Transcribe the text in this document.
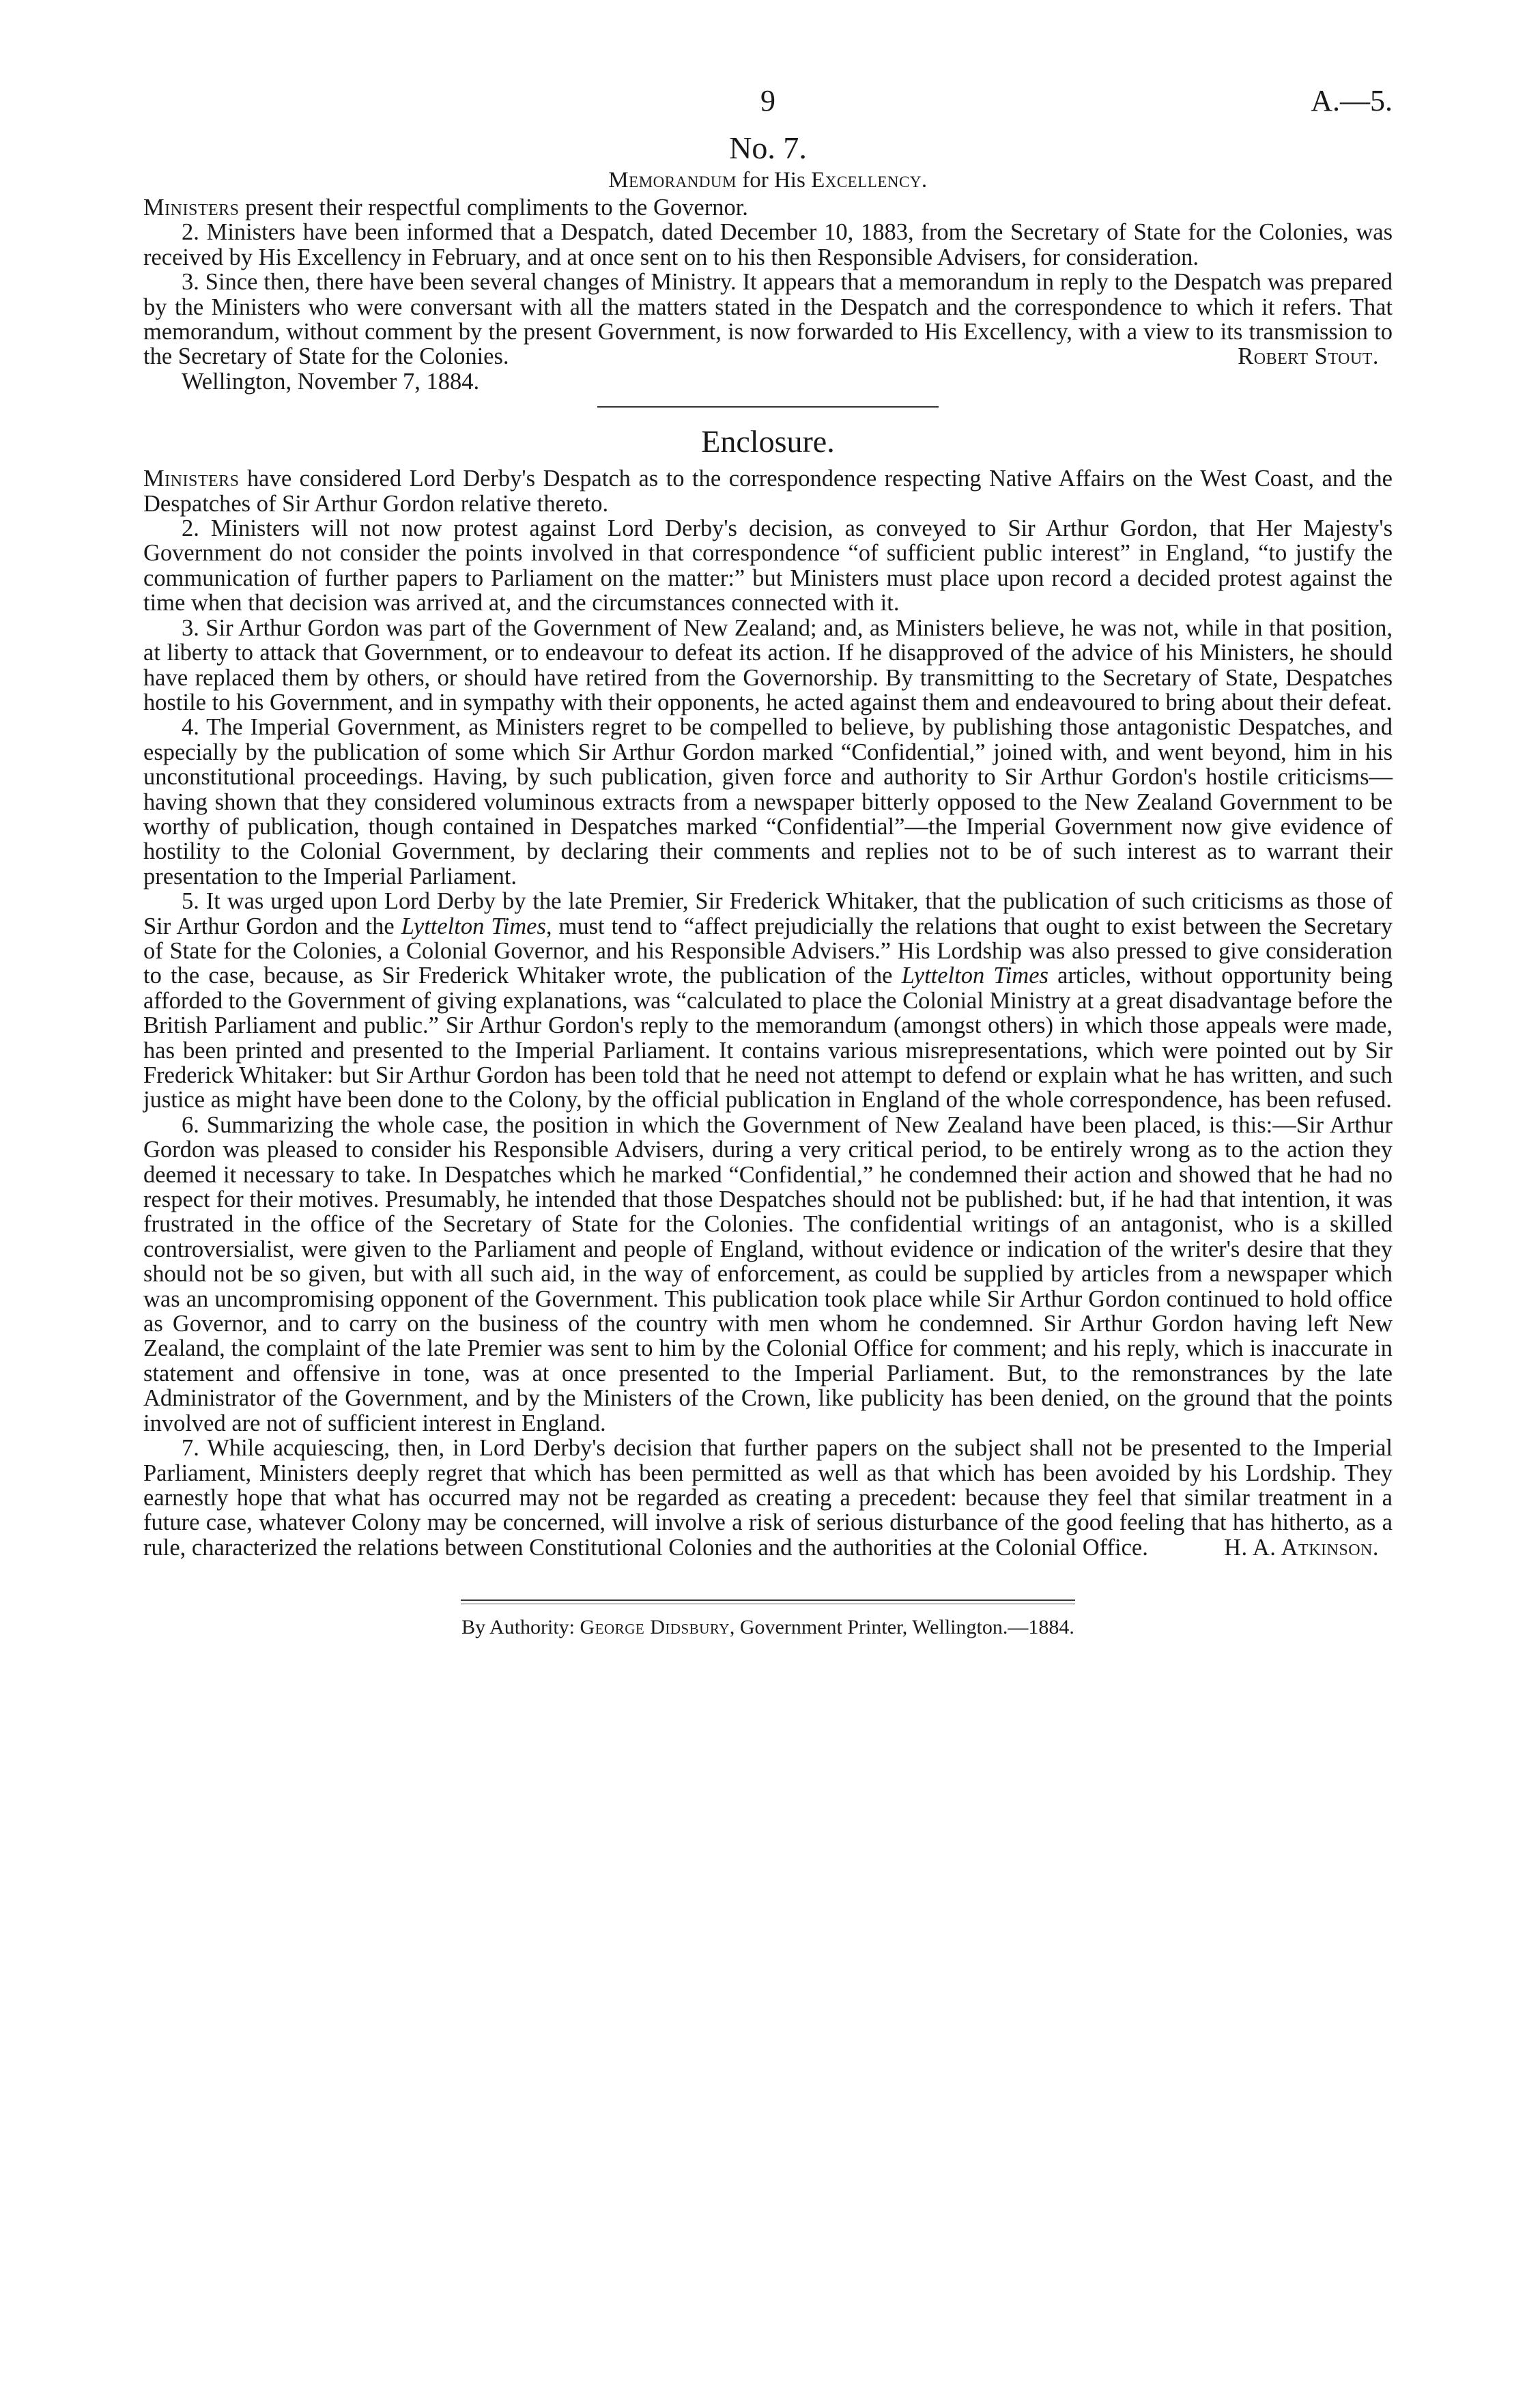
9	A.—5.
No. 7.
Memorandum for His Excellency.

Ministers present their respectful compliments to the Governor.

2. Ministers have been informed that a Despatch, dated December 10, 1883, from the Secretary of State for the Colonies, was received by His Excellency in February, and at once sent on to his then Responsible Advisers, for consideration.

3. Since then, there have been several changes of Ministry. It appears that a memorandum in reply to the Despatch was prepared by the Ministers who were conversant with all the matters stated in the Despatch and the correspondence to which it refers. That memorandum, without comment by the present Government, is now forwarded to His Excellency, with a view to its transmission to the Secretary of State for the Colonies.	Robert Stout.

Wellington, November 7, 1884.

Enclosure.

Ministers have considered Lord Derby's Despatch as to the correspondence respecting Native Affairs on the West Coast, and the Despatches of Sir Arthur Gordon relative thereto.

2. Ministers will not now protest against Lord Derby's decision, as conveyed to Sir Arthur Gordon, that Her Majesty's Government do not consider the points involved in that correspondence “of sufficient public interest” in England, “to justify the communication of further papers to Parliament on the matter:” but Ministers must place upon record a decided protest against the time when that decision was arrived at, and the circumstances connected with it.

3. Sir Arthur Gordon was part of the Government of New Zealand; and, as Ministers believe, he was not, while in that position, at liberty to attack that Government, or to endeavour to defeat its action. If he disapproved of the advice of his Ministers, he should have replaced them by others, or should have retired from the Governorship. By transmitting to the Secretary of State, Despatches hostile to his Government, and in sympathy with their opponents, he acted against them and endeavoured to bring about their defeat.

4. The Imperial Government, as Ministers regret to be compelled to believe, by publishing those antagonistic Despatches, and especially by the publication of some which Sir Arthur Gordon marked “Confidential,” joined with, and went beyond, him in his unconstitutional proceedings. Having, by such publication, given force and authority to Sir Arthur Gordon's hostile criticisms—having shown that they considered voluminous extracts from a newspaper bitterly opposed to the New Zealand Government to be worthy of publication, though contained in Despatches marked “Confidential”—the Imperial Government now give evidence of hostility to the Colonial Government, by declaring their comments and replies not to be of such interest as to warrant their presentation to the Imperial Parliament.

5. It was urged upon Lord Derby by the late Premier, Sir Frederick Whitaker, that the publication of such criticisms as those of Sir Arthur Gordon and the Lyttelton Times, must tend to “affect prejudicially the relations that ought to exist between the Secretary of State for the Colonies, a Colonial Governor, and his Responsible Advisers.” His Lordship was also pressed to give consideration to the case, because, as Sir Frederick Whitaker wrote, the publication of the Lyttelton Times articles, without opportunity being afforded to the Government of giving explanations, was “calculated to place the Colonial Ministry at a great disadvantage before the British Parliament and public.” Sir Arthur Gordon's reply to the memorandum (amongst others) in which those appeals were made, has been printed and presented to the Imperial Parliament. It contains various misrepresentations, which were pointed out by Sir Frederick Whitaker: but Sir Arthur Gordon has been told that he need not attempt to defend or explain what he has written, and such justice as might have been done to the Colony, by the official publication in England of the whole correspondence, has been refused.

6. Summarizing the whole case, the position in which the Government of New Zealand have been placed, is this:—Sir Arthur Gordon was pleased to consider his Responsible Advisers, during a very critical period, to be entirely wrong as to the action they deemed it necessary to take. In Despatches which he marked “Confidential,” he condemned their action and showed that he had no respect for their motives. Presumably, he intended that those Despatches should not be published: but, if he had that intention, it was frustrated in the office of the Secretary of State for the Colonies. The confidential writings of an antagonist, who is a skilled controversialist, were given to the Parliament and people of England, without evidence or indication of the writer's desire that they should not be so given, but with all such aid, in the way of enforcement, as could be supplied by articles from a newspaper which was an uncompromising opponent of the Government. This publication took place while Sir Arthur Gordon continued to hold office as Governor, and to carry on the business of the country with men whom he condemned. Sir Arthur Gordon having left New Zealand, the complaint of the late Premier was sent to him by the Colonial Office for comment; and his reply, which is inaccurate in statement and offensive in tone, was at once presented to the Imperial Parliament. But, to the remonstrances by the late Administrator of the Government, and by the Ministers of the Crown, like publicity has been denied, on the ground that the points involved are not of sufficient interest in England.

7. While acquiescing, then, in Lord Derby's decision that further papers on the subject shall not be presented to the Imperial Parliament, Ministers deeply regret that which has been permitted as well as that which has been avoided by his Lordship. They earnestly hope that what has occurred may not be regarded as creating a precedent: because they feel that similar treatment in a future case, whatever Colony may be concerned, will involve a risk of serious disturbance of the good feeling that has hitherto, as a rule, characterized the relations between Constitutional Colonies and the authorities at the Colonial Office.	H. A. Atkinson.
By Authority: George Didsbury, Government Printer, Wellington.—1884.
